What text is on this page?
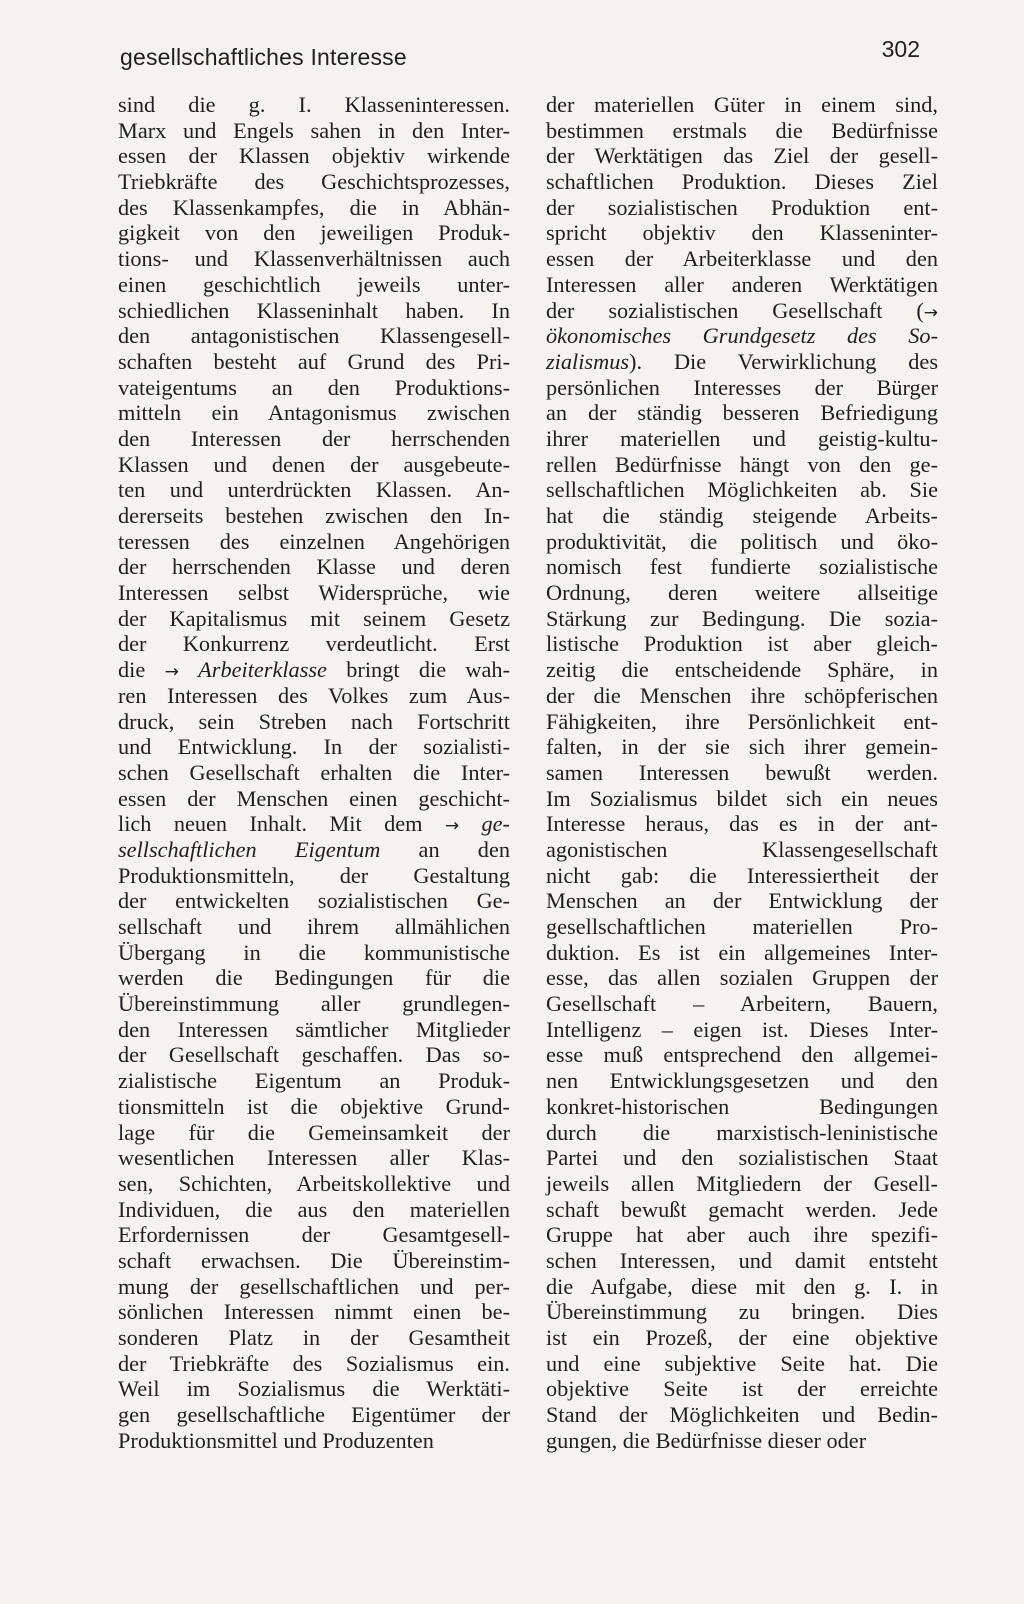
gesellschaftliches Interesse	302
sind die g. I. Klasseninteressen.
Marx und Engels sahen in den Inter-
essen der Klassen objektiv wirkende
Triebkräfte des Geschichtsprozesses,
des Klassenkampfes, die in Abhän-
gigkeit von den jeweiligen Produk-
tions- und Klassenverhältnissen auch
einen geschichtlich jeweils unter-
schiedlichen Klasseninhalt haben. In
den antagonistischen Klassengesell-
schaften besteht auf Grund des Pri-
vateigentums an den Produktions-
mitteln ein Antagonismus zwischen
den Interessen der herrschenden
Klassen und denen der ausgebeute-
ten und unterdrückten Klassen. An-
dererseits bestehen zwischen den In-
teressen des einzelnen Angehörigen
der herrschenden Klasse und deren
Interessen selbst Widersprüche, wie
der Kapitalismus mit seinem Gesetz
der Konkurrenz verdeutlicht. Erst
die → Arbeiterklasse bringt die wah-
ren Interessen des Volkes zum Aus-
druck, sein Streben nach Fortschritt
und Entwicklung. In der sozialisti-
schen Gesellschaft erhalten die Inter-
essen der Menschen einen geschicht-
lich neuen Inhalt. Mit dem → ge-
sellschaftlichen Eigentum an den
Produktionsmitteln, der Gestaltung
der entwickelten sozialistischen Ge-
sellschaft und ihrem allmählichen
Übergang in die kommunistische
werden die Bedingungen für die
Übereinstimmung aller grundlegen-
den Interessen sämtlicher Mitglieder
der Gesellschaft geschaffen. Das so-
zialistische Eigentum an Produk-
tionsmitteln ist die objektive Grund-
lage für die Gemeinsamkeit der
wesentlichen Interessen aller Klas-
sen, Schichten, Arbeitskollektive und
Individuen, die aus den materiellen
Erfordernissen der Gesamtgesell-
schaft erwachsen. Die Übereinstim-
mung der gesellschaftlichen und per-
sönlichen Interessen nimmt einen be-
sonderen Platz in der Gesamtheit
der Triebkräfte des Sozialismus ein.
Weil im Sozialismus die Werktäti-
gen gesellschaftliche Eigentümer der
Produktionsmittel und Produzenten
der materiellen Güter in einem sind,
bestimmen erstmals die Bedürfnisse
der Werktätigen das Ziel der gesell-
schaftlichen Produktion. Dieses Ziel
der sozialistischen Produktion ent-
spricht objektiv den Klasseninter-
essen der Arbeiterklasse und den
Interessen aller anderen Werktätigen
der sozialistischen Gesellschaft (→
ökonomisches Grundgesetz des So-
zialismus). Die Verwirklichung des
persönlichen Interesses der Bürger
an der ständig besseren Befriedigung
ihrer materiellen und geistig-kultu-
rellen Bedürfnisse hängt von den ge-
sellschaftlichen Möglichkeiten ab. Sie
hat die ständig steigende Arbeits-
produktivität, die politisch und öko-
nomisch fest fundierte sozialistische
Ordnung, deren weitere allseitige
Stärkung zur Bedingung. Die sozia-
listische Produktion ist aber gleich-
zeitig die entscheidende Sphäre, in
der die Menschen ihre schöpferischen
Fähigkeiten, ihre Persönlichkeit ent-
falten, in der sie sich ihrer gemein-
samen Interessen bewußt werden.
Im Sozialismus bildet sich ein neues
Interesse heraus, das es in der ant-
agonistischen Klassengesellschaft
nicht gab: die Interessiertheit der
Menschen an der Entwicklung der
gesellschaftlichen materiellen Pro-
duktion. Es ist ein allgemeines Inter-
esse, das allen sozialen Gruppen der
Gesellschaft – Arbeitern, Bauern,
Intelligenz – eigen ist. Dieses Inter-
esse muß entsprechend den allgemei-
nen Entwicklungsgesetzen und den
konkret-historischen Bedingungen
durch die marxistisch-leninistische
Partei und den sozialistischen Staat
jeweils allen Mitgliedern der Gesell-
schaft bewußt gemacht werden. Jede
Gruppe hat aber auch ihre spezifi-
schen Interessen, und damit entsteht
die Aufgabe, diese mit den g. I. in
Übereinstimmung zu bringen. Dies
ist ein Prozeß, der eine objektive
und eine subjektive Seite hat. Die
objektive Seite ist der erreichte
Stand der Möglichkeiten und Bedin-
gungen, die Bedürfnisse dieser oder
